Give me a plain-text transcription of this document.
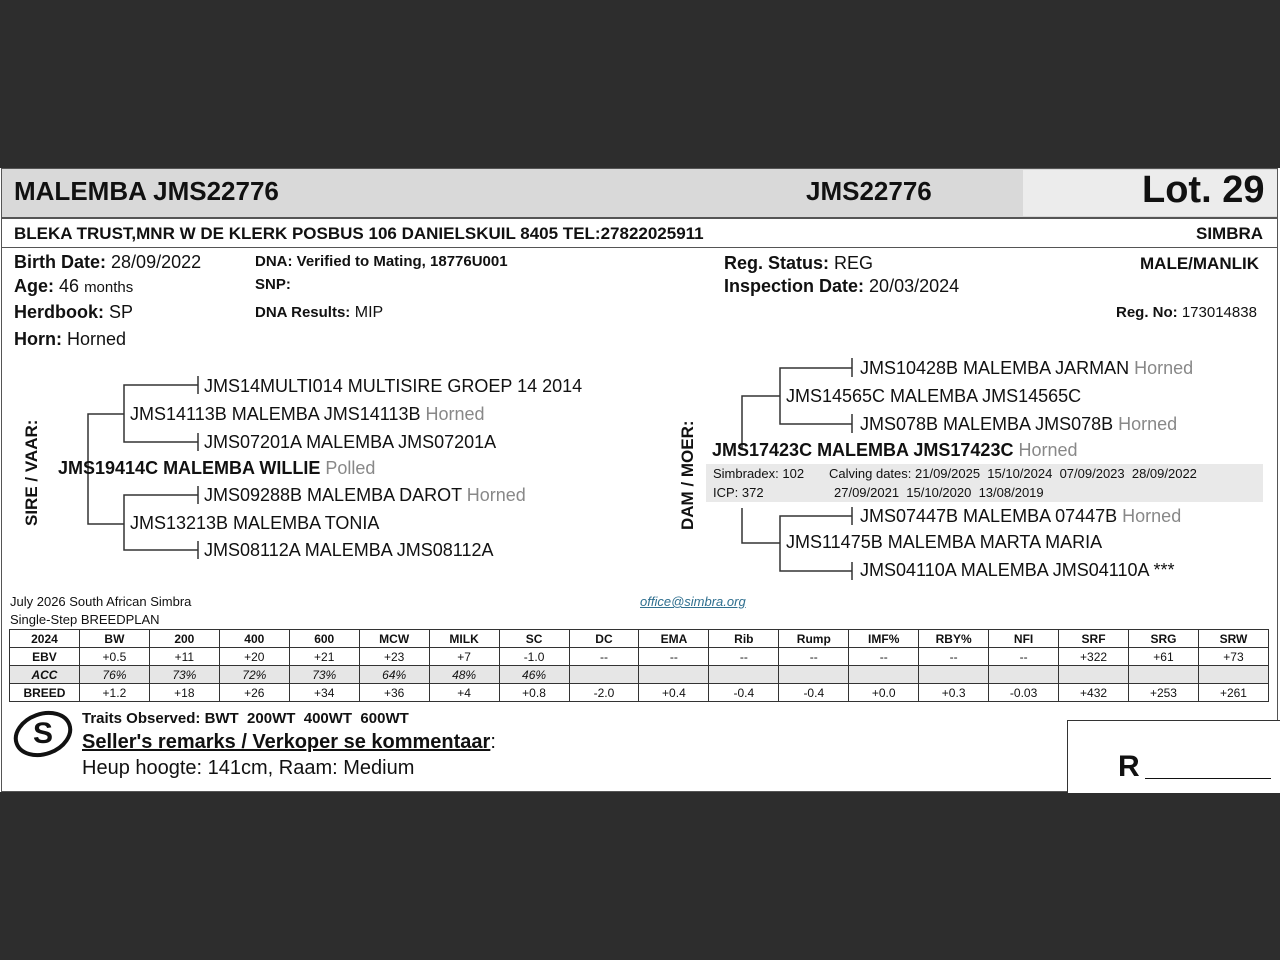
MALEMBA JMS22776	JMS22776	Lot. 29
BLEKA TRUST,MNR W DE KLERK POSBUS 106 DANIELSKUIL 8405 TEL:27822025911	SIMBRA
Birth Date: 28/09/2022
Age: 46 months
Herdbook: SP
Horn: Horned
DNA: Verified to Mating, 18776U001
SNP:
DNA Results: MIP
Reg. Status: REG
Inspection Date: 20/03/2024
MALE/MANLIK
Reg. No: 173014838
SIRE / VAAR: JMS19414C MALEMBA WILLIE Polled
JMS14113B MALEMBA JMS14113B Horned
JMS14MULTI014 MULTISIRE GROEP 14 2014
JMS07201A MALEMBA JMS07201A
JMS13213B MALEMBA TONIA
JMS09288B MALEMBA DAROT Horned
JMS08112A MALEMBA JMS08112A
DAM / MOER: JMS17423C MALEMBA JMS17423C Horned
JMS14565C MALEMBA JMS14565C
JMS10428B MALEMBA JARMAN Horned
JMS078B MALEMBA JMS078B Horned
Simbradex: 102
ICP: 372
Calving dates: 21/09/2025  15/10/2024  07/09/2023  28/09/2022
27/09/2021  15/10/2020  13/08/2019
JMS11475B MALEMBA MARTA MARIA
JMS07447B MALEMBA 07447B Horned
JMS04110A MALEMBA JMS04110A ***
July 2026 South African Simbra
Single-Step BREEDPLAN
office@simbra.org
2024	BW	200	400	600	MCW	MILK	SC	DC	EMA	Rib	Rump	IMF%	RBY%	NFI	SRF	SRG	SRW
EBV	+0.5	+11	+20	+21	+23	+7	-1.0	--	--	--	--	--	--	--	+322	+61	+73
ACC	76%	73%	72%	73%	64%	48%	46%										
BREED	+1.2	+18	+26	+34	+36	+4	+0.8	-2.0	+0.4	-0.4	-0.4	+0.0	+0.3	-0.03	+432	+253	+261
S Traits Observed: BWT  200WT  400WT  600WT
Seller's remarks / Verkoper se kommentaar:
Heup hoogte: 141cm, Raam: Medium	R
